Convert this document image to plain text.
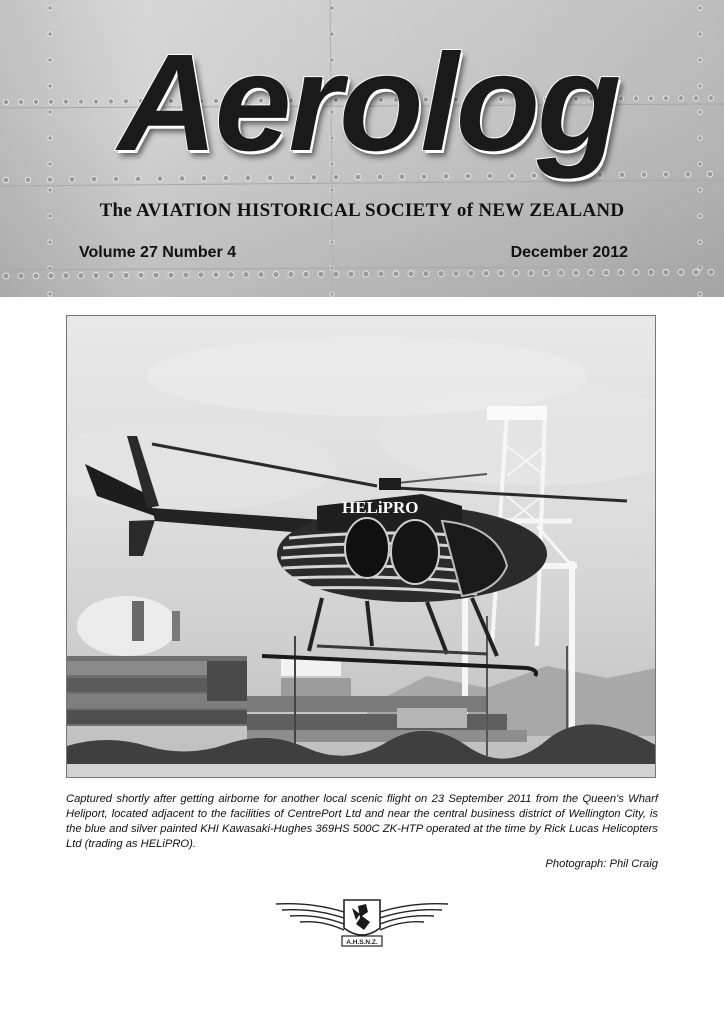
Aerolog
The AVIATION HISTORICAL SOCIETY of NEW ZEALAND
Volume 27 Number 4	December 2012
HELiPRO

Captured shortly after getting airborne for another local scenic flight on 23 September 2011 from the Queen's Wharf Heliport, located adjacent to the facilities of CentrePort Ltd and near the central business district of Wellington City, is the blue and silver painted KHI Kawasaki-Hughes 369HS 500C ZK-HTP operated at the time by Rick Lucas Helicopters Ltd (trading as HELiPRO).

Photograph: Phil Craig
A.H.S.N.Z.
